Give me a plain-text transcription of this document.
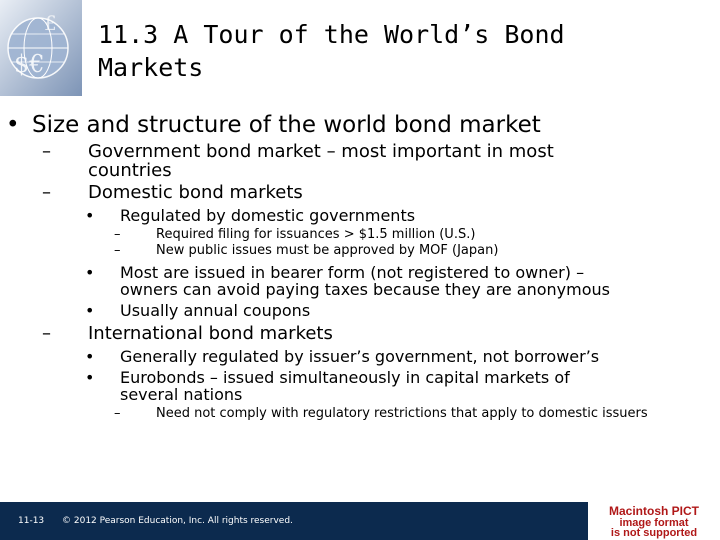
$€
£ 11.3 A Tour of the World’s Bond
Markets
• Size and structure of the world bond market
–	Government bond market – most important in most
countries
–	Domestic bond markets
•	Regulated by domestic governments
–	Required filing for issuances > $1.5 million (U.S.)
–	New public issues must be approved by MOF (Japan)
•	Most are issued in bearer form (not registered to owner) –
owners can avoid paying taxes because they are anonymous
•	Usually annual coupons
–	International bond markets
•	Generally regulated by issuer’s government, not borrower’s
•	Eurobonds – issued simultaneously in capital markets of
several nations
–	Need not comply with regulatory restrictions that apply to domestic issuers
11-13 © 2012 Pearson Education, Inc. All rights reserved.
Macintosh PICT
image format
is not supported
